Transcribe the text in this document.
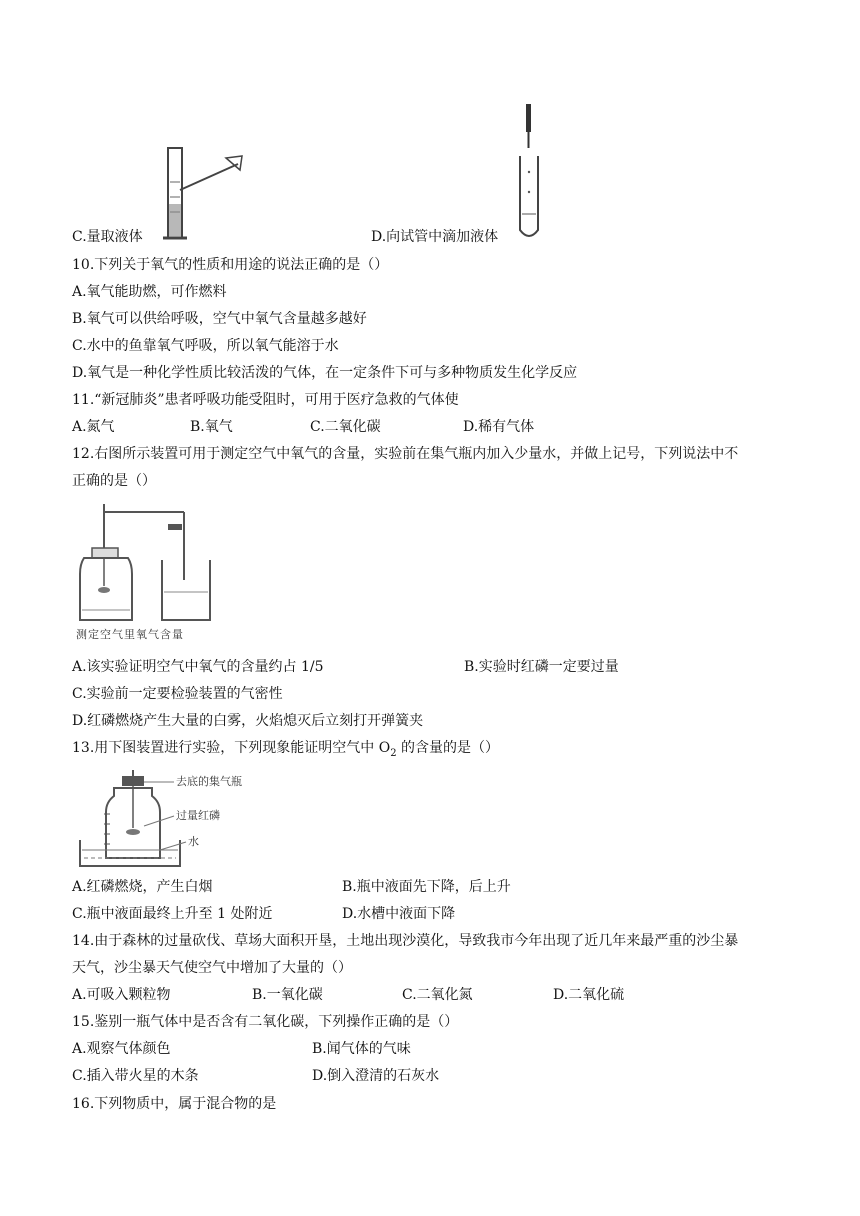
C.量取液体	D.向试管中滴加液体
10.下列关于氧气的性质和用途的说法正确的是（）
A.氧气能助燃，可作燃料
B.氧气可以供给呼吸，空气中氧气含量越多越好
C.水中的鱼靠氧气呼吸，所以氧气能溶于水
D.氧气是一种化学性质比较活泼的气体，在一定条件下可与多种物质发生化学反应
11.“新冠肺炎”患者呼吸功能受阻时，可用于医疗急救的气体使
A.氮气	B.氧气	C.二氧化碳	D.稀有气体
12.右图所示装置可用于测定空气中氧气的含量，实验前在集气瓶内加入少量水，并做上记号，下列说法中不
正确的是（）
测定空气里氧气含量
A.该实验证明空气中氧气的含量约占 1/5	B.实验时红磷一定要过量
C.实验前一定要检验装置的气密性
D.红磷燃烧产生大量的白雾，火焰熄灭后立刻打开弹簧夹
13.用下图装置进行实验，下列现象能证明空气中 $O_2$ 的含量的是（）
去底的集气瓶
过量红磷
水
A.红磷燃烧，产生白烟	B.瓶中液面先下降，后上升
C.瓶中液面最终上升至 1 处附近	D.水槽中液面下降
14.由于森林的过量砍伐、草场大面积开垦，土地出现沙漠化，导致我市今年出现了近几年来最严重的沙尘暴
天气，沙尘暴天气使空气中增加了大量的（）
A.可吸入颗粒物	B.一氧化碳	C.二氧化氮	D.二氧化硫
15.鉴别一瓶气体中是否含有二氧化碳，下列操作正确的是（）
A.观察气体颜色	B.闻气体的气味
C.插入带火星的木条	D.倒入澄清的石灰水
16.下列物质中，属于混合物的是
